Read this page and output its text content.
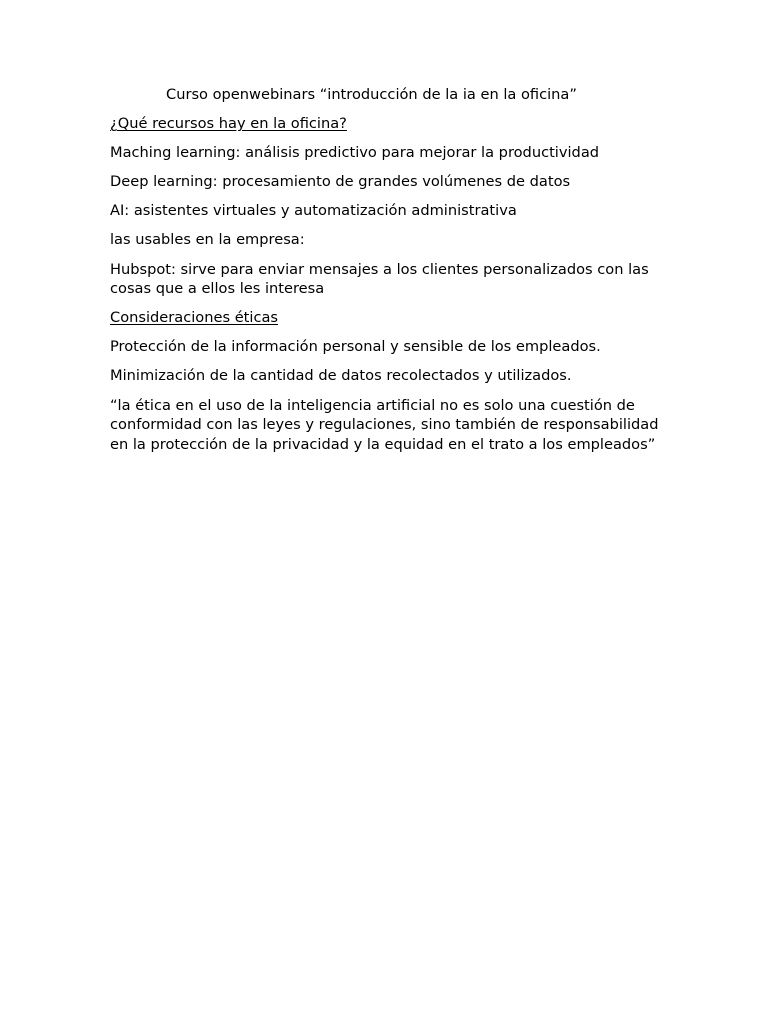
Curso openwebinars “introducción de la ia en la oficina”

¿Qué recursos hay en la oficina?

Maching learning: análisis predictivo para mejorar la productividad

Deep learning: procesamiento de grandes volúmenes de datos

AI: asistentes virtuales y automatización administrativa

las usables en la empresa:

Hubspot: sirve para enviar mensajes a los clientes personalizados con las cosas que a ellos les interesa

Consideraciones éticas

Protección de la información personal y sensible de los empleados.

Minimización de la cantidad de datos recolectados y utilizados.

“la ética en el uso de la inteligencia artificial no es solo una cuestión de conformidad con las leyes y regulaciones, sino también de responsabilidad en la protección de la privacidad y la equidad en el trato a los empleados”
